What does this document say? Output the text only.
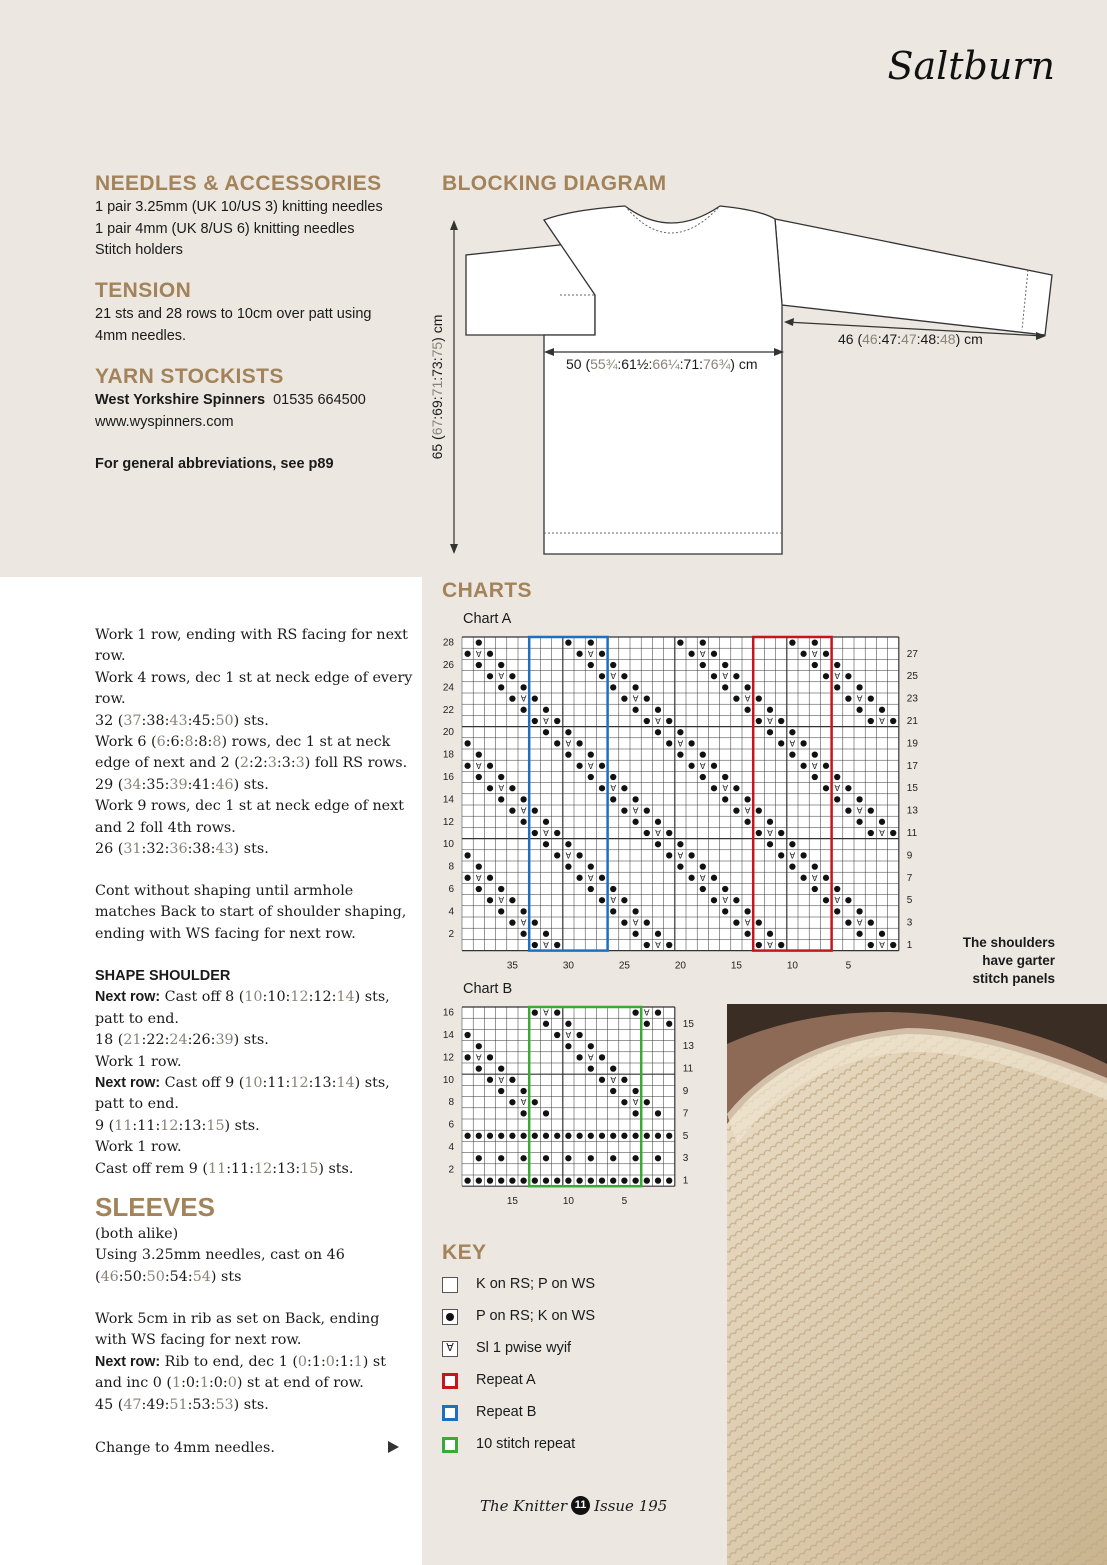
Saltburn
NEEDLES & ACCESSORIES
1 pair 3.25mm (UK 10/US 3) knitting needles
1 pair 4mm (UK 8/US 6) knitting needles
Stitch holders
TENSION
21 sts and 28 rows to 10cm over patt using
4mm needles.
YARN STOCKISTS
West Yorkshire Spinners 01535 664500
www.wyspinners.com
For general abbreviations, see p89
BLOCKING DIAGRAM
50 (55¾:61½:66¼:71:76¾) cm
46 (46:47:47:48:48) cm
65 (67:69:71:73:75) cm

Work 1 row, ending with RS facing for next row.

Work 4 rows, dec 1 st at neck edge of every row.

32 (37:38:43:45:50) sts.

Work 6 (6:6:8:8:8) rows, dec 1 st at neck edge of next and 2 (2:2:3:3:3) foll RS rows.

29 (34:35:39:41:46) sts.

Work 9 rows, dec 1 st at neck edge of next and 2 foll 4th rows.

26 (31:32:36:38:43) sts.

Cont without shaping until armhole matches Back to start of shoulder shaping, ending with WS facing for next row.

SHAPE SHOULDER

Next row: Cast off 8 (10:10:12:12:14) sts, patt to end.

18 (21:22:24:26:39) sts.

Work 1 row.

Next row: Cast off 9 (10:11:12:13:14) sts, patt to end.

9 (11:11:12:13:15) sts.

Work 1 row.

Cast off rem 9 (11:11:12:13:15) sts.

SLEEVES

(both alike)

Using 3.25mm needles, cast on 46 (46:50:50:54:54) sts

Work 5cm in rib as set on Back, ending with WS facing for next row.

Next row: Rib to end, dec 1 (0:1:0:1:1) st and inc 0 (1:0:1:0:0) st at end of row.

45 (47:49:51:53:53) sts.

Change to 4mm needles.
CHARTS
Chart A
∀
∀
∀
∀
∀
∀
∀
∀
∀
∀
∀
∀
∀
∀
∀
∀
∀
∀
∀
∀
∀
∀	∀
∀
∀
∀	∀
∀
∀
∀	∀
∀
∀
∀	∀
∀
∀	∀
∀
∀	∀
∀
∀
∀	∀
∀
∀
∀	∀
∀
∀
∀	∀
∀
28
26
24
22
20
18
16
14
12
10
8
6
4
2
27
25
23
21
19
17
15
13
11
9
7
5
3
1
35	30	25	20	15	10	5
Chart B
∀
∀
∀
∀
∀
∀
∀
∀	∀
16
14
12
10
8
6
4
2
15
13
11
9
7
5
3
1
15	10	5
The shoulders
have garter
stitch panels
KEY
K on RS; P on WS
P on RS; K on WS
∀ Sl 1 pwise wyif
Repeat A
Repeat B
10 stitch repeat
The Knitter 11 Issue 195
